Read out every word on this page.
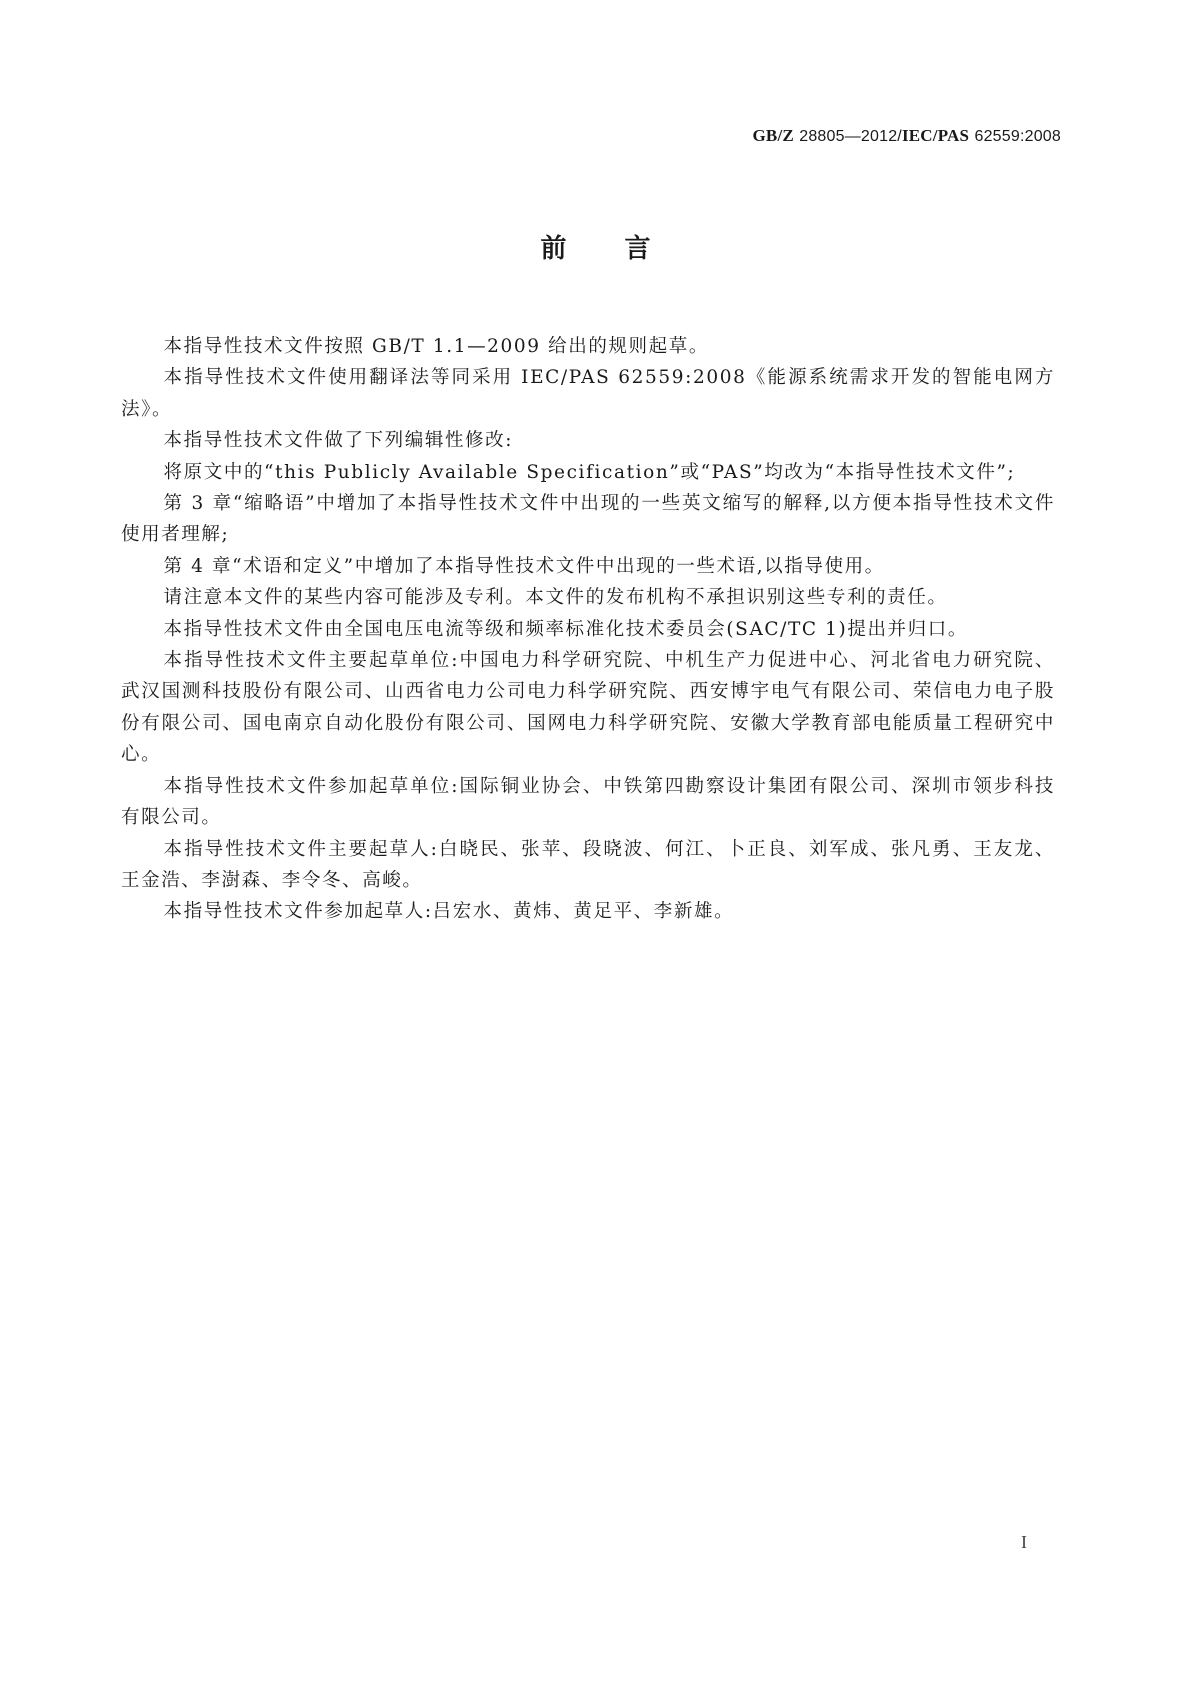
GB/Z 28805—2012/IEC/PAS 62559:2008
前 言

本指导性技术文件按照 GB/T 1.1—2009 给出的规则起草。

本指导性技术文件使用翻译法等同采用 IEC/PAS 62559:2008《能源系统需求开发的智能电网方法》。

本指导性技术文件做了下列编辑性修改:

将原文中的“this Publicly Available Specification”或“PAS”均改为“本指导性技术文件”;

第 3 章“缩略语”中增加了本指导性技术文件中出现的一些英文缩写的解释,以方便本指导性技术文件使用者理解;

第 4 章“术语和定义”中增加了本指导性技术文件中出现的一些术语,以指导使用。

请注意本文件的某些内容可能涉及专利。本文件的发布机构不承担识别这些专利的责任。

本指导性技术文件由全国电压电流等级和频率标准化技术委员会(SAC/TC 1)提出并归口。

本指导性技术文件主要起草单位:中国电力科学研究院、中机生产力促进中心、河北省电力研究院、武汉国测科技股份有限公司、山西省电力公司电力科学研究院、西安博宇电气有限公司、荣信电力电子股份有限公司、国电南京自动化股份有限公司、国网电力科学研究院、安徽大学教育部电能质量工程研究中心。

本指导性技术文件参加起草单位:国际铜业协会、中铁第四勘察设计集团有限公司、深圳市领步科技有限公司。

本指导性技术文件主要起草人:白晓民、张苹、段晓波、何江、卜正良、刘军成、张凡勇、王友龙、王金浩、李澍森、李令冬、高峻。

本指导性技术文件参加起草人:吕宏水、黄炜、黄足平、李新雄。

I
